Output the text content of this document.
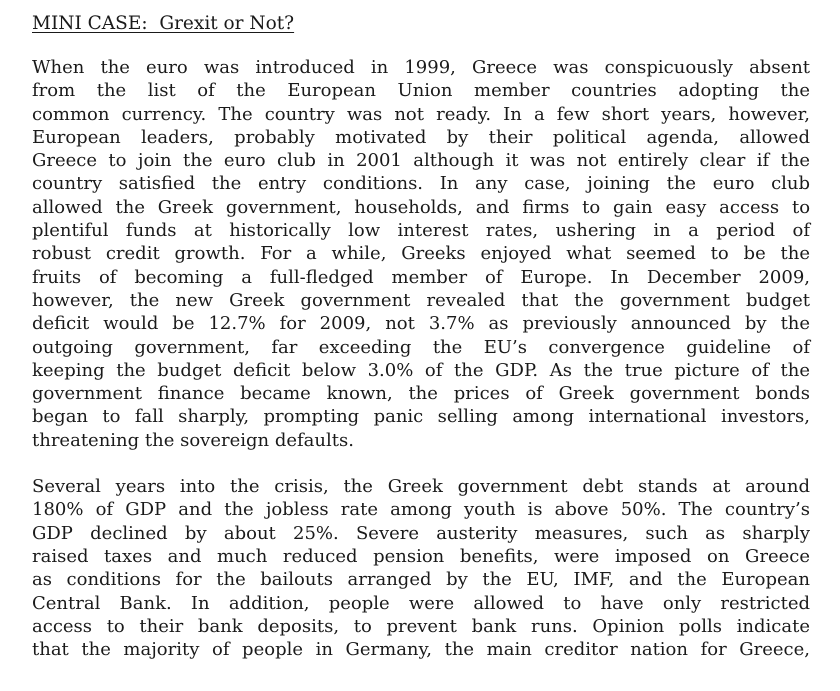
MINI CASE:  Grexit or Not?

When the euro was introduced in 1999, Greece was conspicuously absent
from the list of the European Union member countries adopting the
common currency. The country was not ready. In a few short years, however,
European leaders, probably motivated by their political agenda, allowed
Greece to join the euro club in 2001 although it was not entirely clear if the
country satisfied the entry conditions. In any case, joining the euro club
allowed the Greek government, households, and firms to gain easy access to
plentiful funds at historically low interest rates, ushering in a period of
robust credit growth. For a while, Greeks enjoyed what seemed to be the
fruits of becoming a full-fledged member of Europe. In December 2009,
however, the new Greek government revealed that the government budget
deficit would be 12.7% for 2009, not 3.7% as previously announced by the
outgoing government, far exceeding the EU’s convergence guideline of
keeping the budget deficit below 3.0% of the GDP. As the true picture of the
government finance became known, the prices of Greek government bonds
began to fall sharply, prompting panic selling among international investors,
threatening the sovereign defaults.

Several years into the crisis, the Greek government debt stands at around
180% of GDP and the jobless rate among youth is above 50%. The country’s
GDP declined by about 25%. Severe austerity measures, such as sharply
raised taxes and much reduced pension benefits, were imposed on Greece
as conditions for the bailouts arranged by the EU, IMF, and the European
Central Bank. In addition, people were allowed to have only restricted
access to their bank deposits, to prevent bank runs. Opinion polls indicate
that the majority of people in Germany, the main creditor nation for Greece,
